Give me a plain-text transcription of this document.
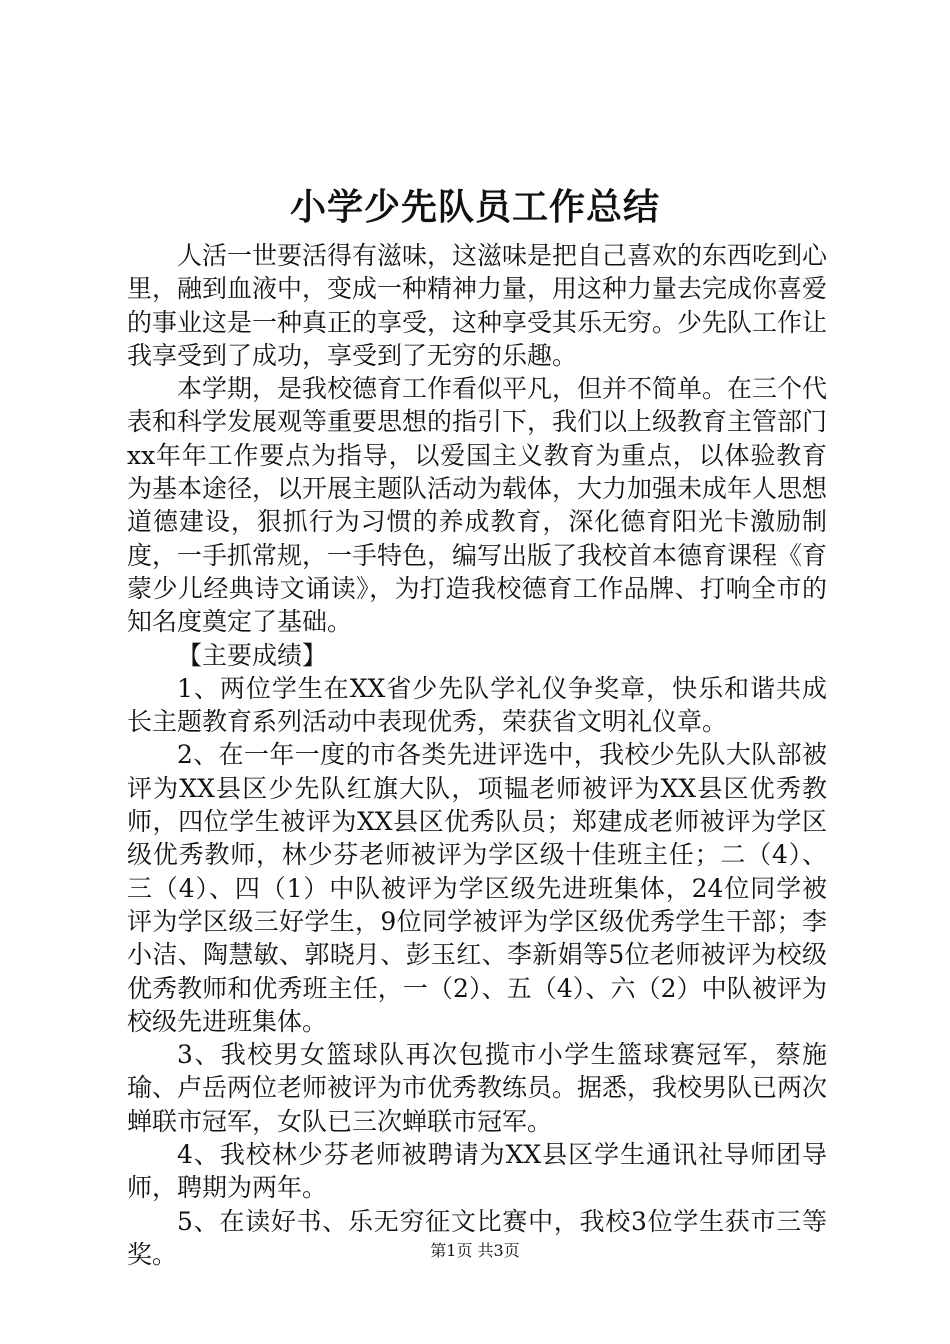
小学少先队员工作总结

人活一世要活得有滋味，这滋味是把自己喜欢的东西吃到心里，融到血液中，变成一种精神力量，用这种力量去完成你喜爱的事业这是一种真正的享受，这种享受其乐无穷。少先队工作让我享受到了成功，享受到了无穷的乐趣。

本学期，是我校德育工作看似平凡，但并不简单。在三个代表和科学发展观等重要思想的指引下，我们以上级教育主管部门xx年年工作要点为指导，以爱国主义教育为重点，以体验教育为基本途径，以开展主题队活动为载体，大力加强未成年人思想道德建设，狠抓行为习惯的养成教育，深化德育阳光卡激励制度，一手抓常规，一手特色，编写出版了我校首本德育课程《育蒙少儿经典诗文诵读》，为打造我校德育工作品牌、打响全市的知名度奠定了基础。

【主要成绩】

1、两位学生在XX省少先队学礼仪争奖章，快乐和谐共成长主题教育系列活动中表现优秀，荣获省文明礼仪章。

2、在一年一度的市各类先进评选中，我校少先队大队部被评为XX县区少先队红旗大队，项韫老师被评为XX县区优秀教师，四位学生被评为XX县区优秀队员；郑建成老师被评为学区级优秀教师，林少芬老师被评为学区级十佳班主任；二（4）、三（4）、四（1）中队被评为学区级先进班集体，24位同学被评为学区级三好学生，9位同学被评为学区级优秀学生干部；李小洁、陶慧敏、郭晓月、彭玉红、李新娟等5位老师被评为校级优秀教师和优秀班主任，一（2）、五（4）、六（2）中队被评为校级先进班集体。

3、我校男女篮球队再次包揽市小学生篮球赛冠军，蔡施瑜、卢岳两位老师被评为市优秀教练员。据悉，我校男队已两次蝉联市冠军，女队已三次蝉联市冠军。

4、我校林少芬老师被聘请为XX县区学生通讯社导师团导师，聘期为两年。

5、在读好书、乐无穷征文比赛中，我校3位学生获市三等奖。	第1页 共3页
